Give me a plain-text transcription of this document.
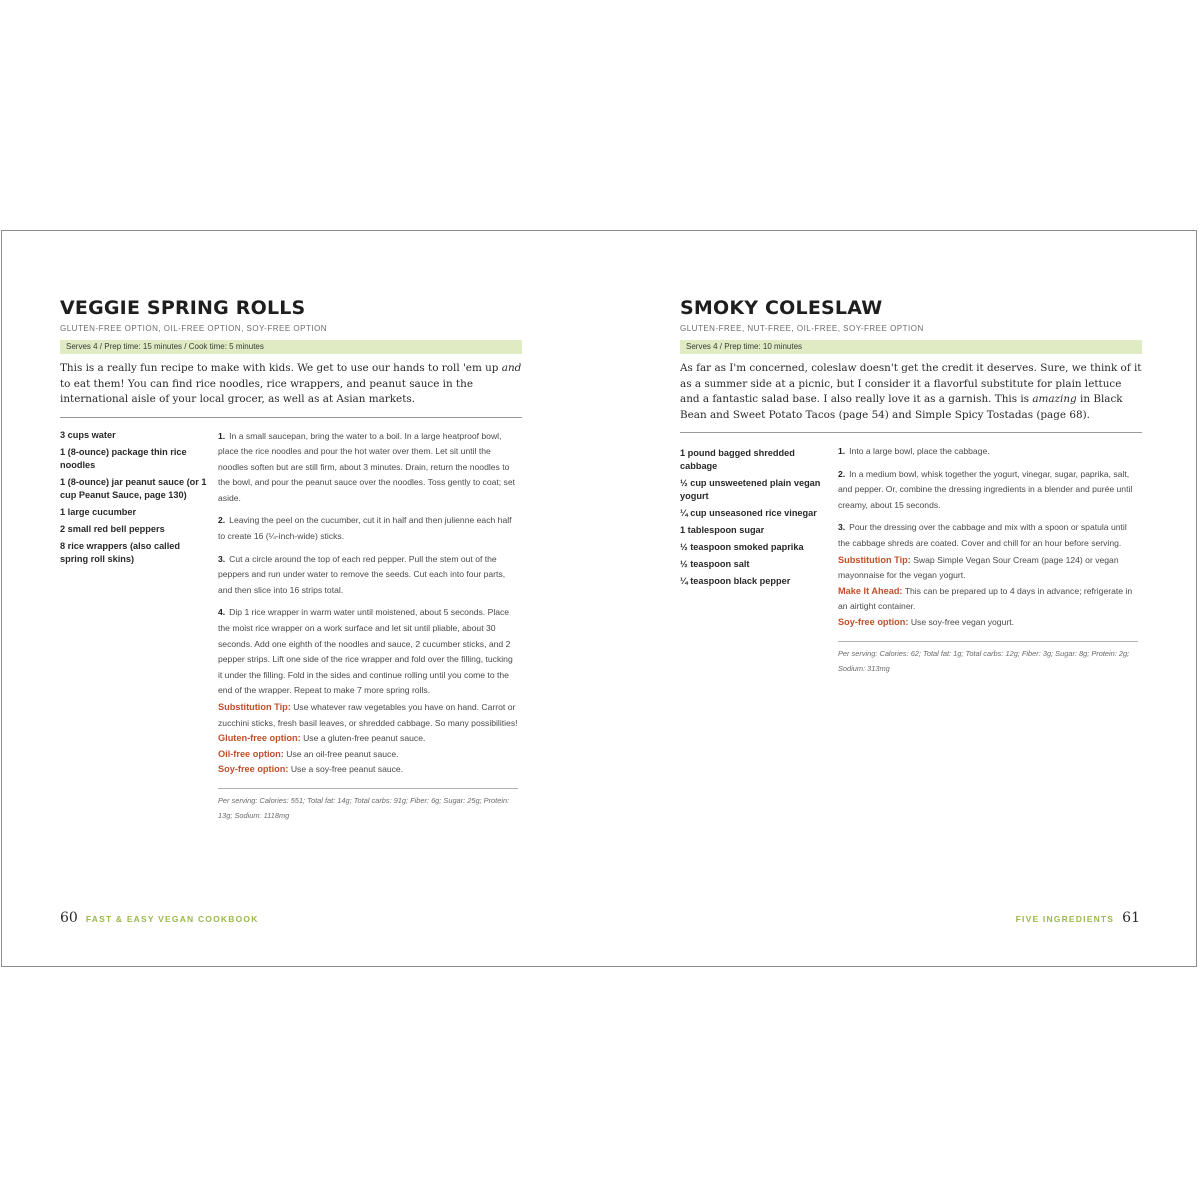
VEGGIE SPRING ROLLS
GLUTEN-FREE OPTION, OIL-FREE OPTION, SOY-FREE OPTION
Serves 4 / Prep time: 15 minutes / Cook time: 5 minutes
This is a really fun recipe to make with kids. We get to use our hands to roll 'em up and to eat them! You can find rice noodles, rice wrappers, and peanut sauce in the international aisle of your local grocer, as well as at Asian markets.
3 cups water
1 (8-ounce) package thin rice noodles
1 (8-ounce) jar peanut sauce (or 1 cup Peanut Sauce, page 130)
1 large cucumber
2 small red bell peppers
8 rice wrappers (also called spring roll skins)
1. In a small saucepan, bring the water to a boil. In a large heatproof bowl, place the rice noodles and pour the hot water over them. Let sit until the noodles soften but are still firm, about 3 minutes. Drain, return the noodles to the bowl, and pour the peanut sauce over the noodles. Toss gently to coat; set aside.
2. Leaving the peel on the cucumber, cut it in half and then julienne each half to create 16 (¼-inch-wide) sticks.
3. Cut a circle around the top of each red pepper. Pull the stem out of the peppers and run under water to remove the seeds. Cut each into four parts, and then slice into 16 strips total.
4. Dip 1 rice wrapper in warm water until moistened, about 5 seconds. Place the moist rice wrapper on a work surface and let sit until pliable, about 30 seconds. Add one eighth of the noodles and sauce, 2 cucumber sticks, and 2 pepper strips. Lift one side of the rice wrapper and fold over the filling, tucking it under the filling. Fold in the sides and continue rolling until you come to the end of the wrapper. Repeat to make 7 more spring rolls.
Substitution Tip: Use whatever raw vegetables you have on hand. Carrot or zucchini sticks, fresh basil leaves, or shredded cabbage. So many possibilities!
Gluten-free option: Use a gluten-free peanut sauce.
Oil-free option: Use an oil-free peanut sauce.
Soy-free option: Use a soy-free peanut sauce.
Per serving: Calories: 551; Total fat: 14g; Total carbs: 91g; Fiber: 6g; Sugar: 25g; Protein: 13g; Sodium: 1118mg
60 FAST & EASY VEGAN COOKBOOK
SMOKY COLESLAW
GLUTEN-FREE, NUT-FREE, OIL-FREE, SOY-FREE OPTION
Serves 4 / Prep time: 10 minutes
As far as I'm concerned, coleslaw doesn't get the credit it deserves. Sure, we think of it as a summer side at a picnic, but I consider it a flavorful substitute for plain lettuce and a fantastic salad base. I also really love it as a garnish. This is amazing in Black Bean and Sweet Potato Tacos (page 54) and Simple Spicy Tostadas (page 68).
1 pound bagged shredded cabbage
½ cup unsweetened plain vegan yogurt
¼ cup unseasoned rice vinegar
1 tablespoon sugar
½ teaspoon smoked paprika
½ teaspoon salt
¼ teaspoon black pepper
1. Into a large bowl, place the cabbage.
2. In a medium bowl, whisk together the yogurt, vinegar, sugar, paprika, salt, and pepper. Or, combine the dressing ingredients in a blender and purée until creamy, about 15 seconds.
3. Pour the dressing over the cabbage and mix with a spoon or spatula until the cabbage shreds are coated. Cover and chill for an hour before serving.
Substitution Tip: Swap Simple Vegan Sour Cream (page 124) or vegan mayonnaise for the vegan yogurt.
Make It Ahead: This can be prepared up to 4 days in advance; refrigerate in an airtight container.
Soy-free option: Use soy-free vegan yogurt.
Per serving: Calories: 62; Total fat: 1g; Total carbs: 12g; Fiber: 3g; Sugar: 8g; Protein: 2g; Sodium: 313mg
FIVE INGREDIENTS 61
